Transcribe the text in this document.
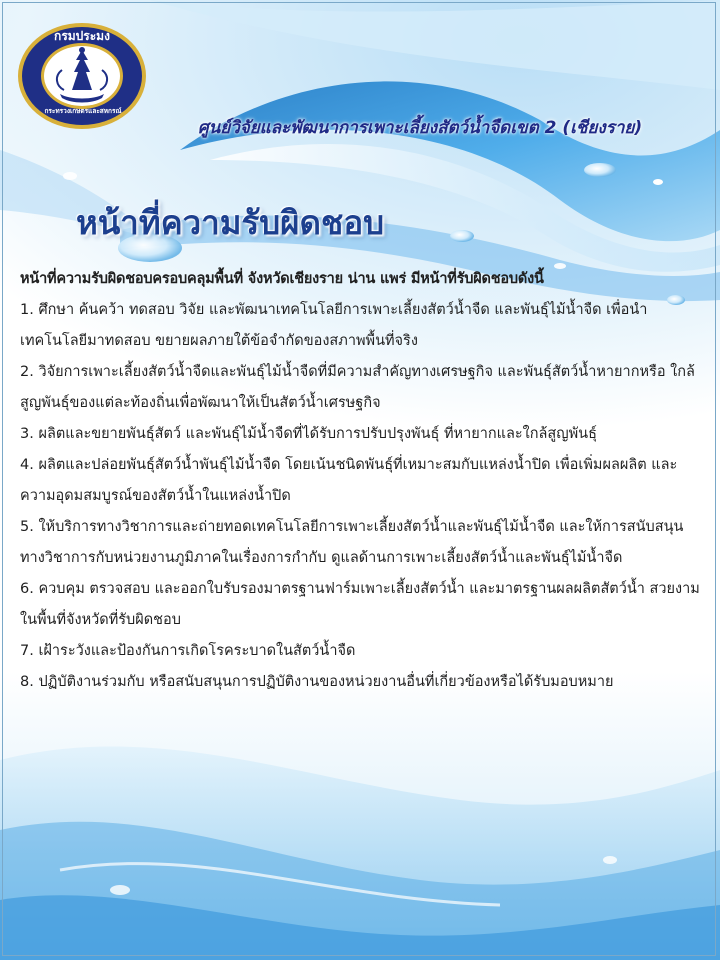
กรมประมง
กระทรวงเกษตรและสหกรณ์
ศูนย์วิจัยและพัฒนาการเพาะเลี้ยงสัตว์น้ำจืดเขต 2 (เชียงราย)
หน้าที่ความรับผิดชอบ
หน้าที่ความรับผิดชอบครอบคลุมพื้นที่ จังหวัดเชียงราย น่าน แพร่ มีหน้าที่รับผิดชอบดังนี้

1. ศึกษา ค้นคว้า ทดสอบ วิจัย และพัฒนาเทคโนโลยีการเพาะเลี้ยงสัตว์น้ำจืด และพันธุ์ไม้น้ำจืด เพื่อนำเทคโนโลยีมาทดสอบ ขยายผลภายใต้ข้อจำกัดของสภาพพื้นที่จริง

2. วิจัยการเพาะเลี้ยงสัตว์น้ำจืดและพันธุ์ไม้น้ำจืดที่มีความสำคัญทางเศรษฐกิจ และพันธุ์สัตว์น้ำหายากหรือ ใกล้สูญพันธุ์ของแต่ละท้องถิ่นเพื่อพัฒนาให้เป็นสัตว์น้ำเศรษฐกิจ

3. ผลิตและขยายพันธุ์สัตว์ และพันธุ์ไม้น้ำจืดที่ได้รับการปรับปรุงพันธุ์ ที่หายากและใกล้สูญพันธุ์

4. ผลิตและปล่อยพันธุ์สัตว์น้ำพันธุ์ไม้น้ำจืด โดยเน้นชนิดพันธุ์ที่เหมาะสมกับแหล่งน้ำปิด เพื่อเพิ่มผลผลิต และความอุดมสมบูรณ์ของสัตว์น้ำในแหล่งน้ำปิด

5. ให้บริการทางวิชาการและถ่ายทอดเทคโนโลยีการเพาะเลี้ยงสัตว์น้ำและพันธุ์ไม้น้ำจืด และให้การสนับสนุนทางวิชาการกับหน่วยงานภูมิภาคในเรื่องการกำกับ ดูแลด้านการเพาะเลี้ยงสัตว์น้ำและพันธุ์ไม้น้ำจืด

6. ควบคุม ตรวจสอบ และออกใบรับรองมาตรฐานฟาร์มเพาะเลี้ยงสัตว์น้ำ และมาตรฐานผลผลิตสัตว์น้ำ สวยงาม ในพื้นที่จังหวัดที่รับผิดชอบ

7. เฝ้าระวังและป้องกันการเกิดโรคระบาดในสัตว์น้ำจืด

8. ปฏิบัติงานร่วมกับ หรือสนับสนุนการปฏิบัติงานของหน่วยงานอื่นที่เกี่ยวข้องหรือได้รับมอบหมาย
